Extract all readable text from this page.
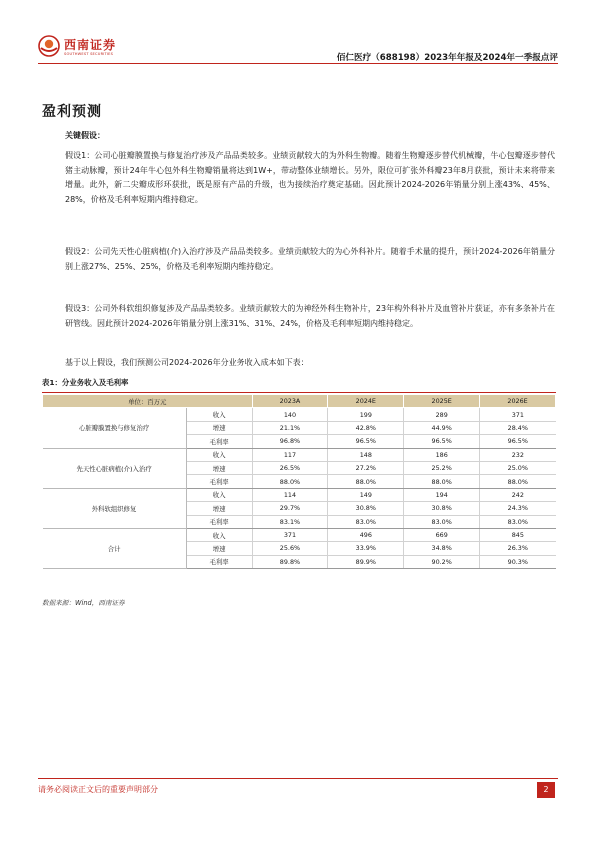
西南证券
SOUTHWEST SECURITIES	佰仁医疗（688198）2023年年报及2024年一季报点评
盈利预测
关键假设：
假设1：公司心脏瓣膜置换与修复治疗涉及产品品类较多。业绩贡献较大的为外科生物瓣。随着生物瓣逐步替代机械瓣，牛心包瓣逐步替代猪主动脉瓣，预计24年牛心包外科生物瓣销量将达到1W+，带动整体业绩增长。另外，限位可扩张外科瓣23年8月获批，预计未来将带来增量。此外，新二尖瓣成形环获批，既是原有产品的升级，也为接续治疗奠定基础。因此预计2024-2026年销量分别上涨43%、45%、28%，价格及毛利率短期内维持稳定。
假设2：公司先天性心脏病植(介)入治疗涉及产品品类较多。业绩贡献较大的为心外科补片。随着手术量的提升，预计2024-2026年销量分别上涨27%、25%、25%，价格及毛利率短期内维持稳定。
假设3：公司外科软组织修复涉及产品品类较多。业绩贡献较大的为神经外科生物补片，23年构外科补片及血管补片获证，亦有多条补片在研管线。因此预计2024-2026年销量分别上涨31%、31%、24%，价格及毛利率短期内维持稳定。
基于以上假设，我们预测公司2024-2026年分业务收入成本如下表：
表1：分业务收入及毛利率
单位：百万元		2023A	2024E	2025E	2026E
心脏瓣膜置换与修复治疗	收入	140	199	289	371
	增速	21.1%	42.8%	44.9%	28.4%
	毛利率	96.8%	96.5%	96.5%	96.5%
先天性心脏病植(介)入治疗	收入	117	148	186	232
	增速	26.5%	27.2%	25.2%	25.0%
	毛利率	88.0%	88.0%	88.0%	88.0%
外科软组织修复	收入	114	149	194	242
	增速	29.7%	30.8%	30.8%	24.3%
	毛利率	83.1%	83.0%	83.0%	83.0%
合计	收入	371	496	669	845
	增速	25.6%	33.9%	34.8%	26.3%
	毛利率	89.8%	89.9%	90.2%	90.3%
数据来源：Wind，西南证券
请务必阅读正文后的重要声明部分	2
